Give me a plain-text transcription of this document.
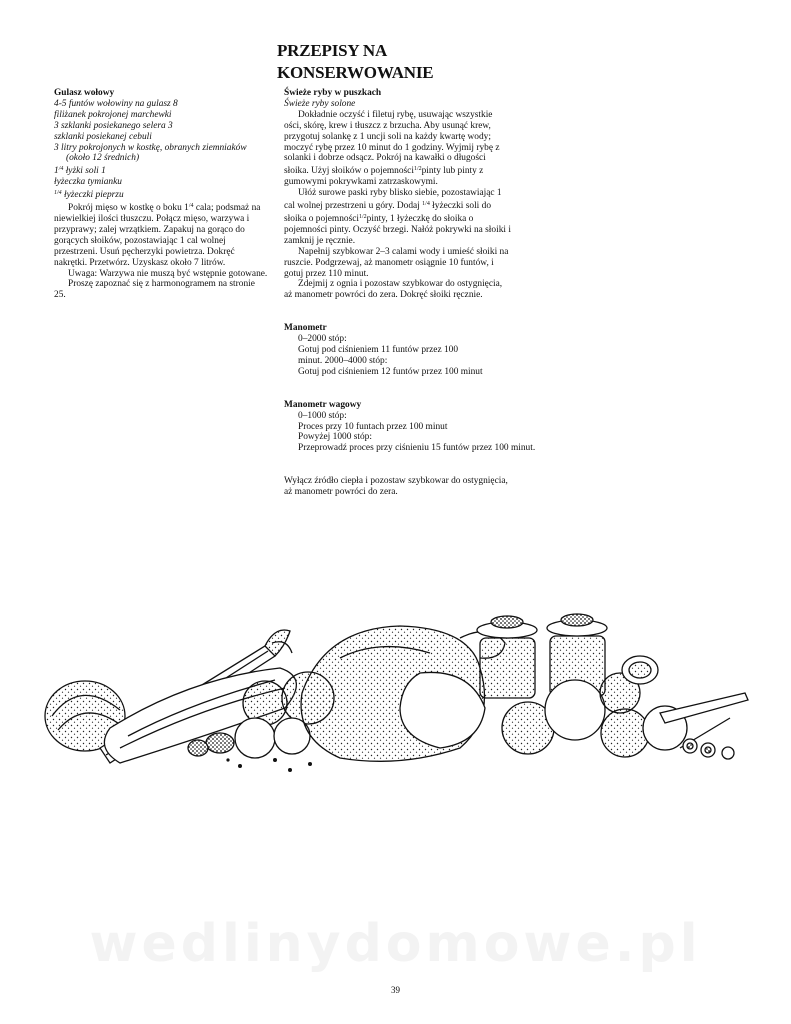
PRZEPISY NA
KONSERWOWANIE

Gulasz wołowy

4-5 funtów wołowiny na gulasz 8

filiżanek pokrojonej marchewki

3 szklanki posiekanego selera 3

szklanki posiekanej cebuli

3 litry pokrojonych w kostkę, obranych ziemniaków

(około 12 średnich)

$1^{/4}$ łyżki soli 1

łyżeczka tymianku

$^{1/4}$ łyżeczki pieprzu

Pokrój mięso w kostkę o boku $1^{/4}$ cala; podsmaż na niewielkiej ilości tłuszczu. Połącz mięso, warzywa i przyprawy; zalej wrzątkiem. Zapakuj na gorąco do gorących słoików, pozostawiając 1 cal wolnej przestrzeni. Usuń pęcherzyki powietrza. Dokręć nakrętki. Przetwórz. Uzyskasz około 7 litrów.

Uwaga: Warzywa nie muszą być wstępnie gotowane.

Proszę zapoznać się z harmonogramem na stronie 25.

Świeże ryby w puszkach

Świeże ryby solone

Dokładnie oczyść i filetuj rybę, usuwając wszystkie ości, skórę, krew i tłuszcz z brzucha. Aby usunąć krew, przygotuj solankę z 1 uncji soli na każdy kwartę wody; moczyć rybę przez 10 minut do 1 godziny. Wyjmij rybę z solanki i dobrze odsącz. Pokrój na kawałki o długości słoika. Użyj słoików o pojemności$^{1/2}$pinty lub pinty z gumowymi pokrywkami zatrzaskowymi.

Ułóż surowe paski ryby blisko siebie, pozostawiając 1 cal wolnej przestrzeni u góry. Dodaj $^{1/4}$ łyżeczki soli do słoika o pojemności$^{1/2}$pinty, 1 łyżeczkę do słoika o pojemności pinty. Oczyść brzegi. Nałóż pokrywki na słoiki i zamknij je ręcznie.

Napełnij szybkowar 2–3 calami wody i umieść słoiki na ruszcie. Podgrzewaj, aż manometr osiągnie 10 funtów, i gotuj przez 110 minut.

Zdejmij z ognia i pozostaw szybkowar do ostygnięcia, aż manometr powróci do zera. Dokręć słoiki ręcznie.

Manometr

0–2000 stóp:

Gotuj pod ciśnieniem 11 funtów przez 100

minut. 2000–4000 stóp:

Gotuj pod ciśnieniem 12 funtów przez 100 minut

Manometr wagowy

0–1000 stóp:

Proces przy 10 funtach przez 100 minut

Powyżej 1000 stóp:

Przeprowadź proces przy ciśnieniu 15 funtów przez 100 minut.

Wyłącz źródło ciepła i pozostaw szybkowar do ostygnięcia, aż manometr powróci do zera.

wedlinydomowe.pl
39
